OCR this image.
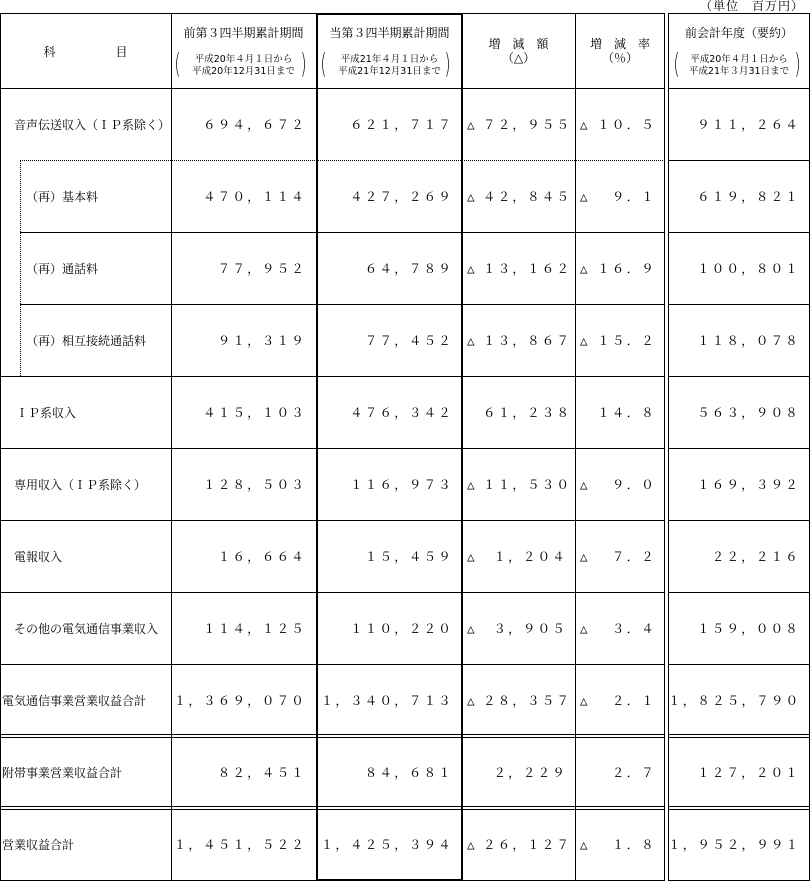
（単位　百万円）
科　　　　　目
前第３四半期累計期間
(	平成20年４月１日から
平成20年12月31日まで )
当第３四半期累計期間
(	平成21年４月１日から
平成21年12月31日まで )
増　減　額
（△）
増　減　率
（％）
前会計年度（要約）
(	平成20年４月１日から
平成21年３月31日まで )
音声伝送収入（ＩＰ系除く）	６９４，６７２	６２１，７１７ △ ７２，９５５ △ １０．５	９１１，２６４
（再）基本料	４７０，１１４	４２７，２６９ △ ４２，８４５ △	９．１	６１９，８２１
（再）通話料	７７，９５２	６４，７８９ △ １３，１６２ △ １６．９	１００，８０１
（再）相互接続通話料	９１，３１９	７７，４５２ △ １３，８６７ △ １５．２	１１８，０７８
ＩＰ系収入	４１５，１０３	４７６，３４２ ６１，２３８ １４．８	５６３，９０８
専用収入（ＩＰ系除く）	１２８，５０３	１１６，９７３ △ １１，５３０ △	９．０	１６９，３９２
電報収入	１６，６６４	１５，４５９ △	１，２０４ △	７．２	２２，２１６
その他の電気通信事業収入	１１４，１２５	１１０，２２０ △	３，９０５ △	３．４	１５９，００８
電気通信事業営業収益合計 １，３６９，０７０	１，３４０，７１３ △ ２８，３５７ △	２．１ １，８２５，７９０
附帯事業営業収益合計	８２，４５１	８４，６８１	２，２２９	２．７	１２７，２０１
営業収益合計	１，４５１，５２２	１，４２５，３９４ △ ２６，１２７ △	１．８ １，９５２，９９１
